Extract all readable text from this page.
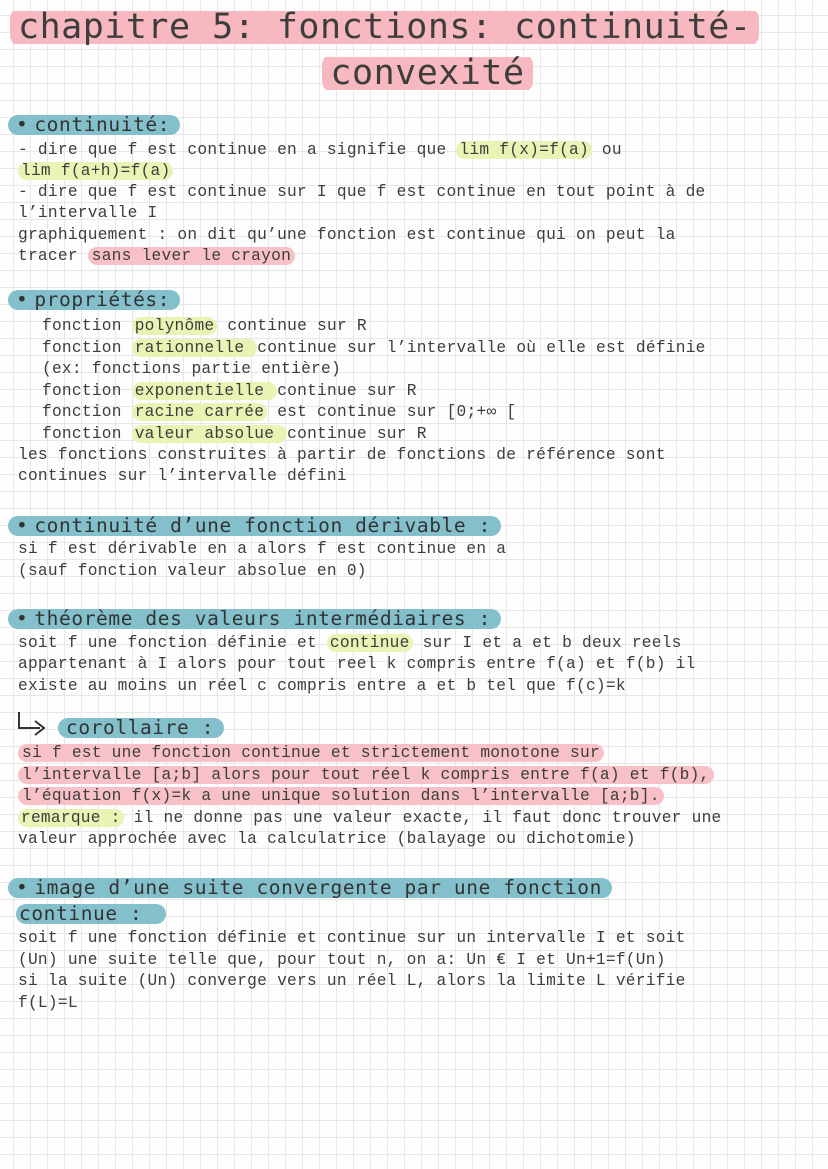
chapitre 5: fonctions: continuité-
convexité
• continuité:
- dire que f est continue en a signifie que lim f(x)=f(a) ou
lim f(a+h)=f(a)
- dire que f est continue sur I que f est continue en tout point à de
l’intervalle I
graphiquement : on dit qu’une fonction est continue qui on peut la
tracer sans lever le crayon
• propriétés:
fonction polynôme continue sur R
fonction rationnelle continue sur l’intervalle où elle est définie
(ex: fonctions partie entière)
fonction exponentielle continue sur R
fonction racine carrée est continue sur [0;+∞ [
fonction valeur absolue continue sur R
les fonctions construites à partir de fonctions de référence sont
continues sur l’intervalle défini
• continuité d’une fonction dérivable :
si f est dérivable en a alors f est continue en a
(sauf fonction valeur absolue en 0)
• théorème des valeurs intermédiaires :
soit f une fonction définie et continue sur I et a et b deux reels
appartenant à I alors pour tout reel k compris entre f(a) et f(b) il
existe au moins un réel c compris entre a et b tel que f(c)=k
corollaire :
si f est une fonction continue et strictement monotone sur
l’intervalle [a;b] alors pour tout réel k compris entre f(a) et f(b),
l’équation f(x)=k a une unique solution dans l’intervalle [a;b].
remarque : il ne donne pas une valeur exacte, il faut donc trouver une
valeur approchée avec la calculatrice (balayage ou dichotomie)
• image d’une suite convergente par une fonction
continue :
soit f une fonction définie et continue sur un intervalle I et soit
(Un) une suite telle que, pour tout n, on a: Un € I et Un+1=f(Un)
si la suite (Un) converge vers un réel L, alors la limite L vérifie
f(L)=L
